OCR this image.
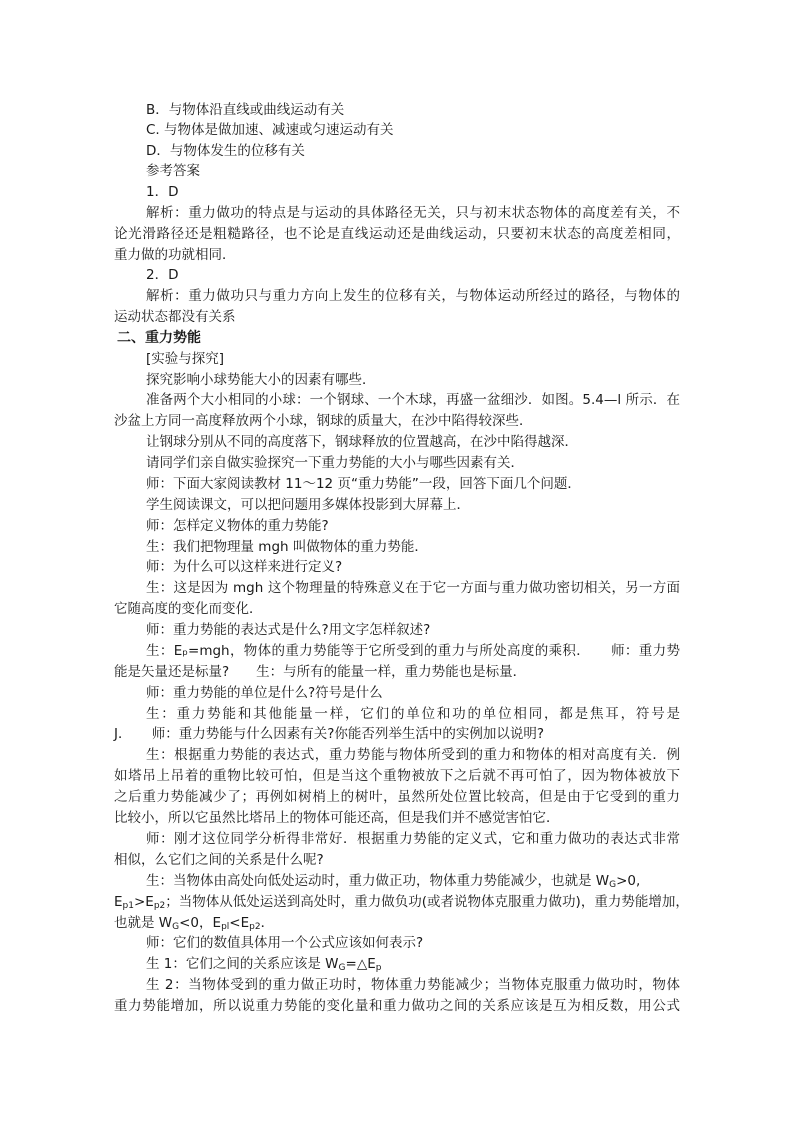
B．与物体沿直线或曲线运动有关
C. 与物体是做加速、减速或匀速运动有关
D．与物体发生的位移有关
参考答案
1．D
解析：重力做功的特点是与运动的具体路径无关，只与初末状态物体的高度差有关，不
论光滑路径还是粗糙路径，也不论是直线运动还是曲线运动，只要初末状态的高度差相同，
重力做的功就相同．
2．D
解析：重力做功只与重力方向上发生的位移有关，与物体运动所经过的路径，与物体的
运动状态都没有关系
二、重力势能
[实验与探究]
探究影响小球势能大小的因素有哪些．
准备两个大小相同的小球：一个钢球、一个木球，再盛一盆细沙．如图。5.4—l 所示．在
沙盆上方同一高度释放两个小球，钢球的质量大，在沙中陷得较深些．
让钢球分别从不同的高度落下，钢球释放的位置越高，在沙中陷得越深．
请同学们亲自做实验探究一下重力势能的大小与哪些因素有关．
师：下面大家阅读教材 11～12 页“重力势能”一段，回答下面几个问题．
学生阅读课文，可以把问题用多媒体投影到大屏幕上．
师：怎样定义物体的重力势能?
生：我们把物理量 mgh 叫做物体的重力势能．
师：为什么可以这样来进行定义?
生：这是因为 mgh 这个物理量的特殊意义在于它一方面与重力做功密切相关，另一方面
它随高度的变化而变化．
师：重力势能的表达式是什么?用文字怎样叙述?
生：Eₚ=mgh，物体的重力势能等于它所受到的重力与所处高度的乘积．　　师：重力势
能是矢量还是标量?　　生：与所有的能量一样，重力势能也是标量．
师：重力势能的单位是什么?符号是什么
生：重力势能和其他能量一样，它们的单位和功的单位相同，都是焦耳，符号是
J．　　师：重力势能与什么因素有关?你能否列举生活中的实例加以说明?
生：根据重力势能的表达式，重力势能与物体所受到的重力和物体的相对高度有关．例
如塔吊上吊着的重物比较可怕，但是当这个重物被放下之后就不再可怕了，因为物体被放下
之后重力势能减少了；再例如树梢上的树叶，虽然所处位置比较高，但是由于它受到的重力
比较小，所以它虽然比塔吊上的物体可能还高，但是我们并不感觉害怕它．
师：刚才这位同学分析得非常好．根据重力势能的定义式，它和重力做功的表达式非常
相似，么它们之间的关系是什么呢?
生：当物体由高处向低处运动时，重力做正功，物体重力势能减少，也就是 $W_G>0$,
$E_{p1}>E_{p2}$；当物体从低处运送到高处时，重力做负功(或者说物体克服重力做功)，重力势能增加，
也就是 $W_G<0$，$E_{pl}<E_{p2}$．
师：它们的数值具体用一个公式应该如何表示?
生 1：它们之间的关系应该是 $W_G=\triangle E_p$
生 2：当物体受到的重力做正功时，物体重力势能减少；当物体克服重力做功时，物体
重力势能增加，所以说重力势能的变化量和重力做功之间的关系应该是互为相反数，用公式
